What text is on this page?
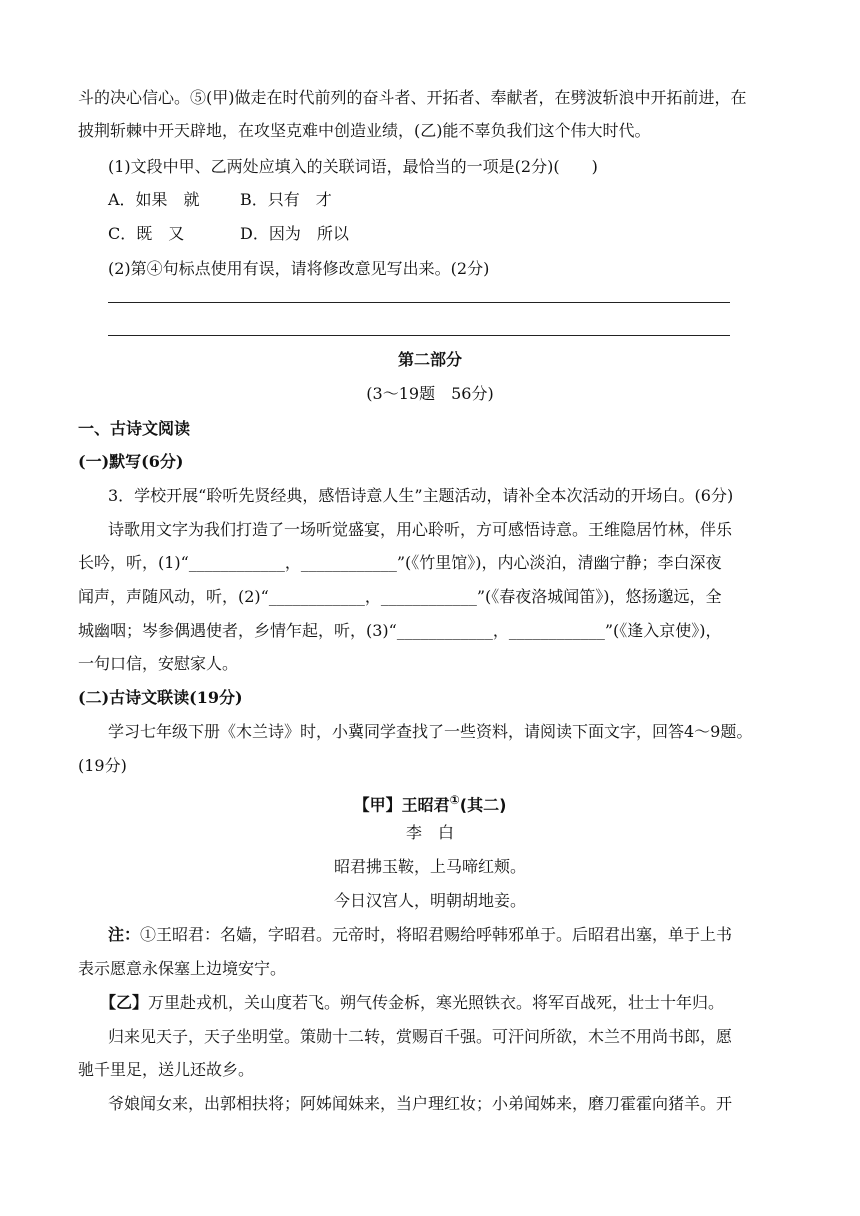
斗的决心信心。⑤(甲)做走在时代前列的奋斗者、开拓者、奉献者，在劈波斩浪中开拓前进，在
披荆斩棘中开天辟地，在攻坚克难中创造业绩，(乙)能不辜负我们这个伟大时代。
(1)文段中甲、乙两处应填入的关联词语，最恰当的一项是(2分)(　　)
A．如果　就	B．只有　才
C．既　又	D．因为　所以
(2)第④句标点使用有误，请将修改意见写出来。(2分)
第二部分
(3～19题　56分)
一、古诗文阅读
(一)默写(6分)
3．学校开展“聆听先贤经典，感悟诗意人生”主题活动，请补全本次活动的开场白。(6分)
诗歌用文字为我们打造了一场听觉盛宴，用心聆听，方可感悟诗意。王维隐居竹林，伴乐
长吟，听，(1)“____________，____________”(《竹里馆》)，内心淡泊，清幽宁静；李白深夜
闻声，声随风动，听，(2)“____________，____________”(《春夜洛城闻笛》)，悠扬邈远，全
城幽咽；岑参偶遇使者，乡情乍起，听，(3)“____________，____________”(《逢入京使》)，
一句口信，安慰家人。
(二)古诗文联读(19分)
学习七年级下册《木兰诗》时，小冀同学查找了一些资料，请阅读下面文字，回答4～9题。
(19分)
【甲】王昭君①(其二)
李　白
昭君拂玉鞍，上马啼红颊。
今日汉宫人，明朝胡地妾。
注：①王昭君：名嫱，字昭君。元帝时，将昭君赐给呼韩邪单于。后昭君出塞，单于上书
表示愿意永保塞上边境安宁。
【乙】万里赴戎机，关山度若飞。朔气传金柝，寒光照铁衣。将军百战死，壮士十年归。
归来见天子，天子坐明堂。策勋十二转，赏赐百千强。可汗问所欲，木兰不用尚书郎，愿
驰千里足，送儿还故乡。
爷娘闻女来，出郭相扶将；阿姊闻妹来，当户理红妆；小弟闻姊来，磨刀霍霍向猪羊。开
